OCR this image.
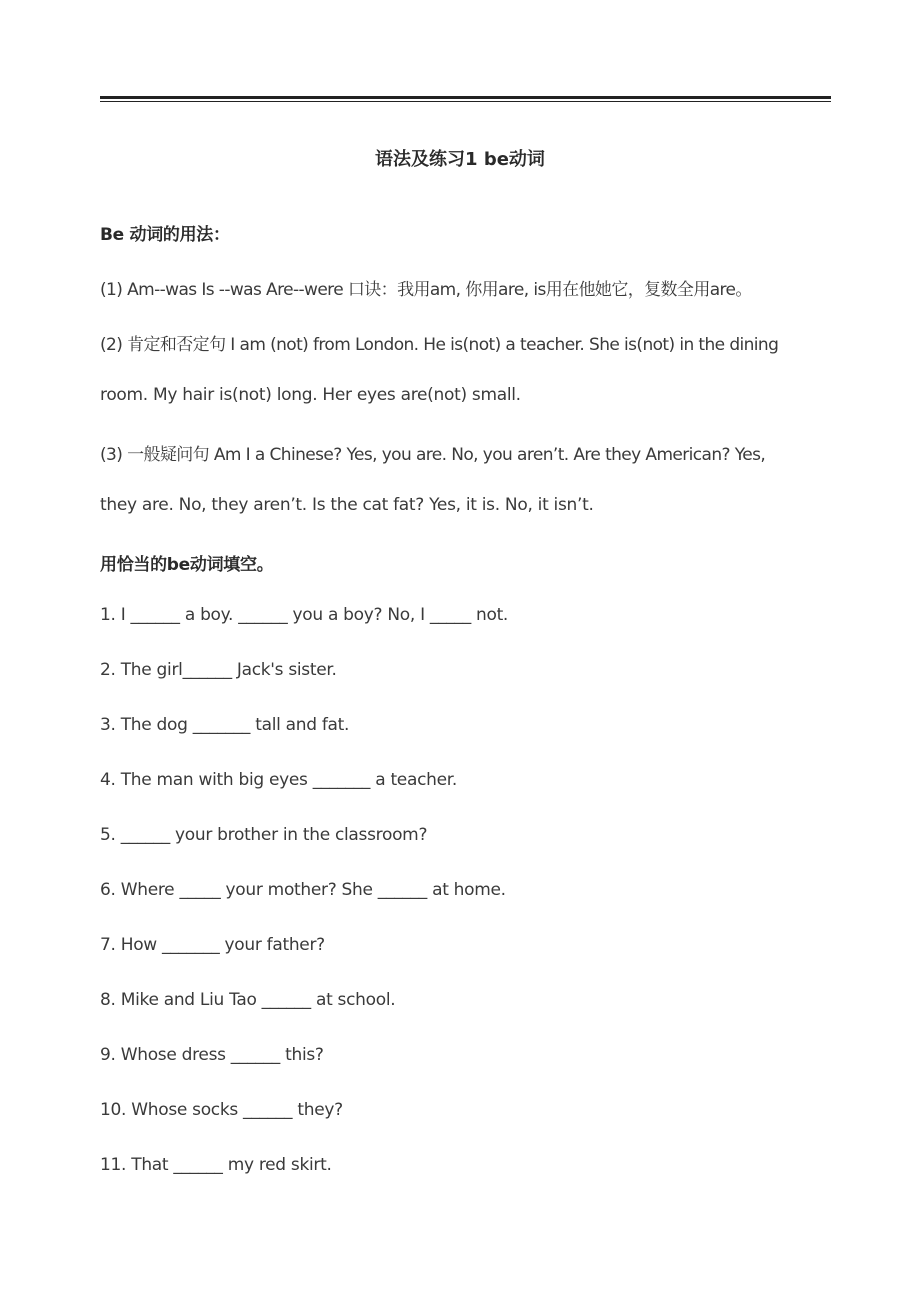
语法及练习1 be动词
Be 动词的用法：
(1) Am--was Is --was Are--were 口诀：我用am, 你用are, is用在他她它，复数全用are。
(2) 肯定和否定句 I am (not) from London. He is(not) a teacher. She is(not) in the dining
room. My hair is(not) long. Her eyes are(not) small.
(3) 一般疑问句 Am I a Chinese? Yes, you are. No, you aren’t. Are they American? Yes,
they are. No, they aren’t. Is the cat fat? Yes, it is. No, it isn’t.
用恰当的be动词填空。
1. I ______ a boy. ______ you a boy? No, I _____ not.
2. The girl______ Jack's sister.
3. The dog _______ tall and fat.
4. The man with big eyes _______ a teacher.
5. ______ your brother in the classroom?
6. Where _____ your mother? She ______ at home.
7. How _______ your father?
8. Mike and Liu Tao ______ at school.
9. Whose dress ______ this?
10. Whose socks ______ they?
11. That ______ my red skirt.
